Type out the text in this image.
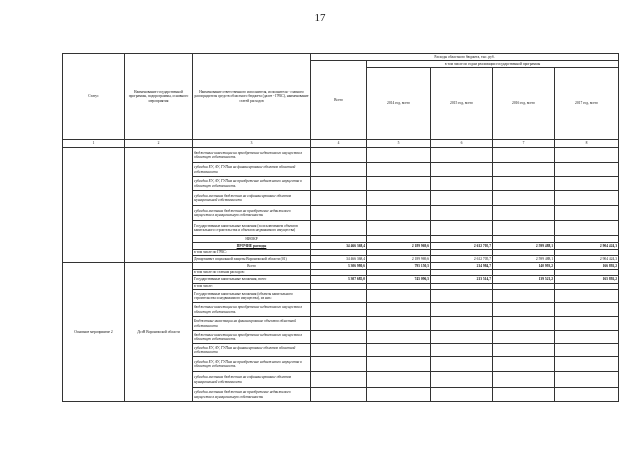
17
Статус	Наименование государственной программы, подпрограммы, основного мероприятия	Наименование ответственного исполнителя, исполнителя - главного распорядителя средств областного бюджета (далее - ГРБС), наименование статей расходов	Расходы областного бюджета, тыс. руб.				
			Всего	в том числе по годам реализации государственной программы			
				2014 год, всего	2015 год, всего	2016 год, всего	2017 год, всего
1	2	3	4	5	6	7	8
		бюджетные инвестиции на приобретение недвижимого имущества в областную собственность					
		субсидии ЕУ, АУ, ГУПам на финансирование объектов областной собственности					
		субсидии ЕУ, АУ, ГУПам на приобретение недвижимого имущества в областную собственность					
		субсидии местным бюджетам на софинансирование объектов муниципальной собственности					
		субсидии местным бюджетам на приобретение недвижимого имущества в муниципальную собственность					
		Государственные капитальные вложения (за исключением объектов капитального строительства и объектов недвижимого имущества)					
		НИОКР					
		ПРОЧИЕ расходы	34 466 368,4	2 189 969,6	2 612 705,7	2 599 488,1	2 904 424,3
		в том числе по ГРБС:					
		Департамент социальной защиты Воронежской области (01)	34 466 368,4	2 189 969,6	2 612 705,7	2 599 488,1	2 904 424,3
Основное мероприятие 2	ДсзН Воронежской области	Всего	3 306 980,6	795 150,5	214 984,7	140 993,2	166 892,2
		в том числе по статьям расходов:					
		Государственные капитальные вложения, всего	3 307 685,0	745 096,5	213 514,7	139 521,2	165 892,2
		в том числе:					
		Государственные капитальные вложения (объекты капитального строительства и недвижимого имущества), из них:					
		бюджетные инвестиции на приобретение недвижимого имущества в областную собственность					
		Бюджетные инвестиции на финансирование объектов областной собственности					
		бюджетные инвестиции на приобретение недвижимого имущества в областную собственность					
		субсидии ЕУ, АУ, ГУПам на финансирование объектов областной собственности					
		субсидии ЕУ, АУ, ГУПам на приобретение недвижимого имущества в областную собственность					
		субсидии местным бюджетам на софинансирование объектов муниципальной собственности					
		субсидии местным бюджетам на приобретение недвижимого имущества в муниципальную собственность					
